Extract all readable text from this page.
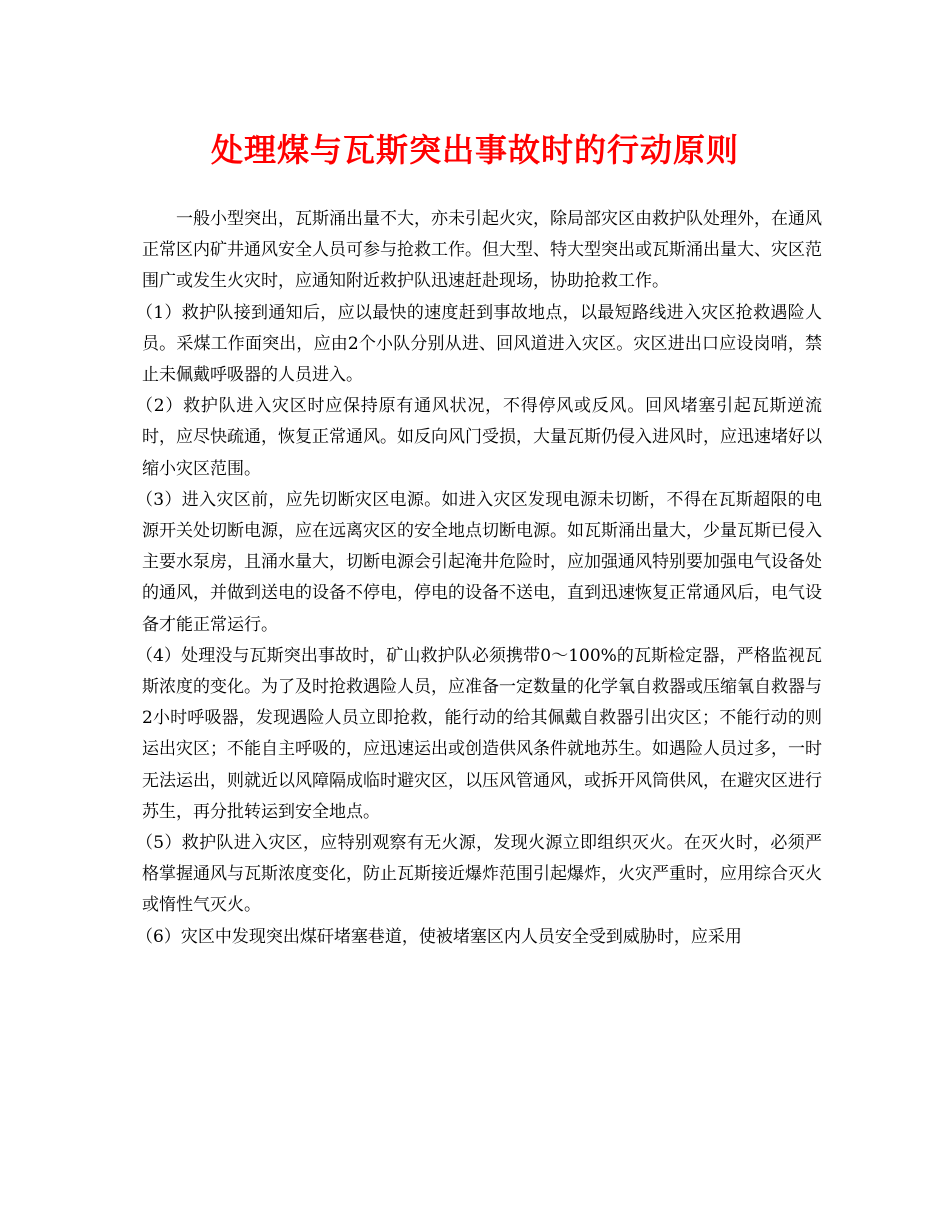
处理煤与瓦斯突出事故时的行动原则

一般小型突出，瓦斯涌出量不大，亦未引起火灾，除局部灾区由救护队处理外，在通风正常区内矿井通风安全人员可参与抢救工作。但大型、特大型突出或瓦斯涌出量大、灾区范围广或发生火灾时，应通知附近救护队迅速赶赴现场，协助抢救工作。

（1）救护队接到通知后，应以最快的速度赶到事故地点，以最短路线进入灾区抢救遇险人员。采煤工作面突出，应由2个小队分别从进、回风道进入灾区。灾区进出口应设岗哨，禁止未佩戴呼吸器的人员进入。

（2）救护队进入灾区时应保持原有通风状况，不得停风或反风。回风堵塞引起瓦斯逆流时，应尽快疏通，恢复正常通风。如反向风门受损，大量瓦斯仍侵入进风时，应迅速堵好以缩小灾区范围。

（3）进入灾区前，应先切断灾区电源。如进入灾区发现电源未切断，不得在瓦斯超限的电源开关处切断电源，应在远离灾区的安全地点切断电源。如瓦斯涌出量大，少量瓦斯已侵入主要水泵房，且涌水量大，切断电源会引起淹井危险时，应加强通风特别要加强电气设备处的通风，并做到送电的设备不停电，停电的设备不送电，直到迅速恢复正常通风后，电气设备才能正常运行。

（4）处理没与瓦斯突出事故时，矿山救护队必须携带0～100%的瓦斯检定器，严格监视瓦斯浓度的变化。为了及时抢救遇险人员，应准备一定数量的化学氧自救器或压缩氧自救器与2小时呼吸器，发现遇险人员立即抢救，能行动的给其佩戴自救器引出灾区；不能行动的则运出灾区；不能自主呼吸的，应迅速运出或创造供风条件就地苏生。如遇险人员过多，一时无法运出，则就近以风障隔成临时避灾区，以压风管通风，或拆开风筒供风，在避灾区进行苏生，再分批转运到安全地点。

（5）救护队进入灾区，应特别观察有无火源，发现火源立即组织灭火。在灭火时，必须严格掌握通风与瓦斯浓度变化，防止瓦斯接近爆炸范围引起爆炸，火灾严重时，应用综合灭火或惰性气灭火。

（6）灾区中发现突出煤矸堵塞巷道，使被堵塞区内人员安全受到威胁时，应采用
